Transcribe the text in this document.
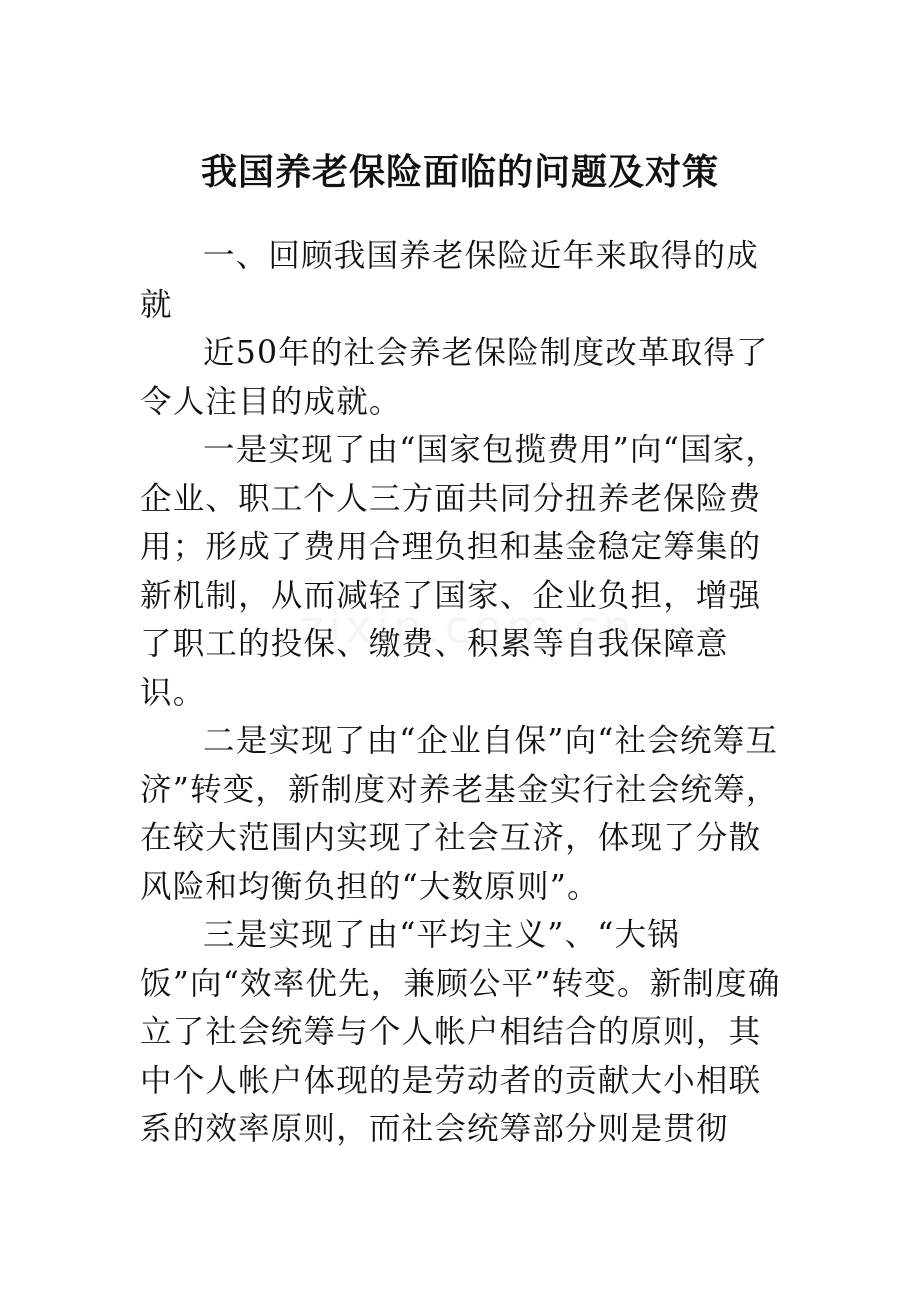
我国养老保险面临的问题及对策

一、回顾我国养老保险近年来取得的成就

近50年的社会养老保险制度改革取得了令人注目的成就。

一是实现了由“国家包揽费用”向“国家，企业、职工个人三方面共同分扭养老保险费用；形成了费用合理负担和基金稳定筹集的新机制，从而减轻了国家、企业负担，增强了职工的投保、缴费、积累等自我保障意识。

二是实现了由“企业自保”向“社会统筹互济”转变，新制度对养老基金实行社会统筹，在较大范围内实现了社会互济，体现了分散风险和均衡负担的“大数原则”。

三是实现了由“平均主义”、“大锅饭”向“效率优先，兼顾公平”转变。新制度确立了社会统筹与个人帐户相结合的原则，其中个人帐户体现的是劳动者的贡献大小相联系的效率原则，而社会统筹部分则是贯彻
